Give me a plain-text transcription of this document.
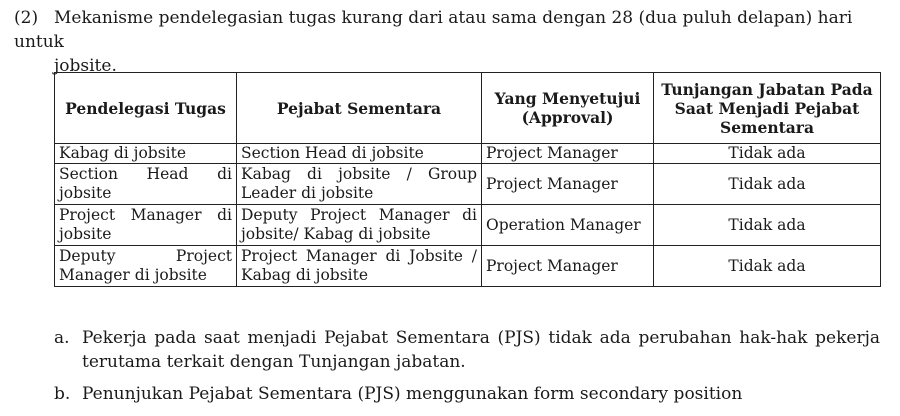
(2) Mekanisme pendelegasian tugas kurang dari atau sama dengan 28 (dua puluh delapan) hari untuk
jobsite.
Pendelegasi Tugas	Pejabat Sementara	Yang Menyetujui (Approval)	Tunjangan Jabatan Pada Saat Menjadi Pejabat Sementara
Kabag di jobsite	Section Head di jobsite	Project Manager	Tidak ada
Section Head di jobsite	Kabag di jobsite / Group Leader di jobsite	Project Manager	Tidak ada
Project Manager di jobsite	Deputy Project Manager di jobsite/ Kabag di jobsite	Operation Manager	Tidak ada
Deputy Project Manager di jobsite	Project Manager di Jobsite / Kabag di jobsite	Project Manager	Tidak ada
a. Pekerja pada saat menjadi Pejabat Sementara (PJS) tidak ada perubahan hak-hak pekerja terutama terkait dengan Tunjangan jabatan.
b. Penunjukan Pejabat Sementara (PJS) menggunakan form secondary position
